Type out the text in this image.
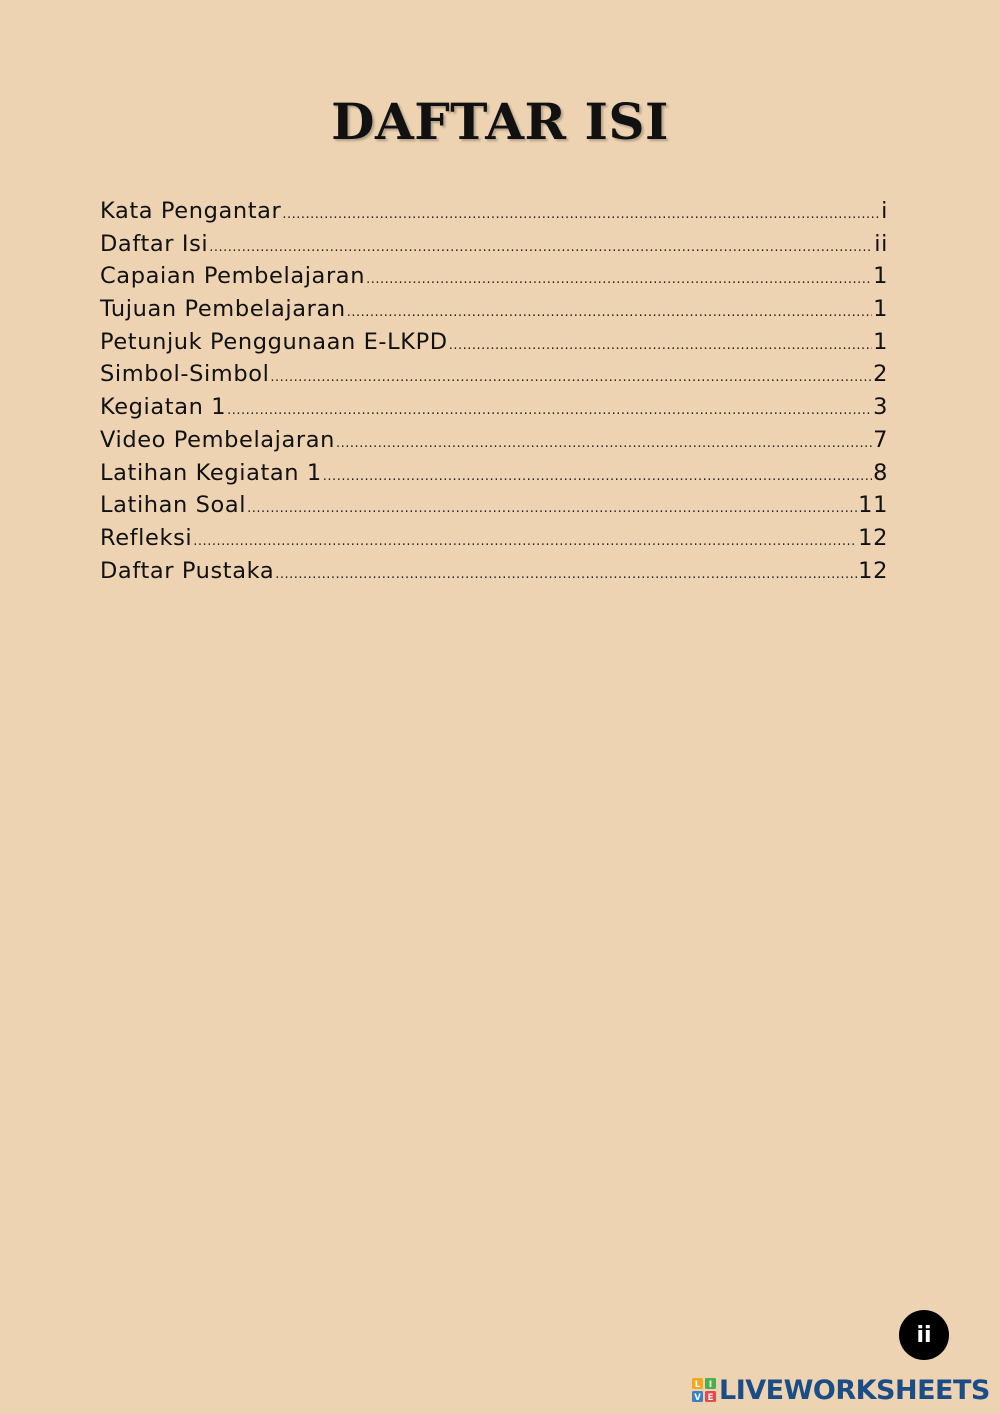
DAFTAR ISI
Kata Pengantar .....	i
Daftar Isi .....	ii
Capaian Pembelajaran .....	1
Tujuan Pembelajaran .....	1
Petunjuk Penggunaan E-LKPD .....	1
Simbol-Simbol .....	2
Kegiatan 1 .....	3
Video Pembelajaran .....	7
Latihan Kegiatan 1 .....	8
Latihan Soal .....	11
Refleksi .....	12
Daftar Pustaka .....	12
ii
L I
V E LIVEWORKSHEETS
